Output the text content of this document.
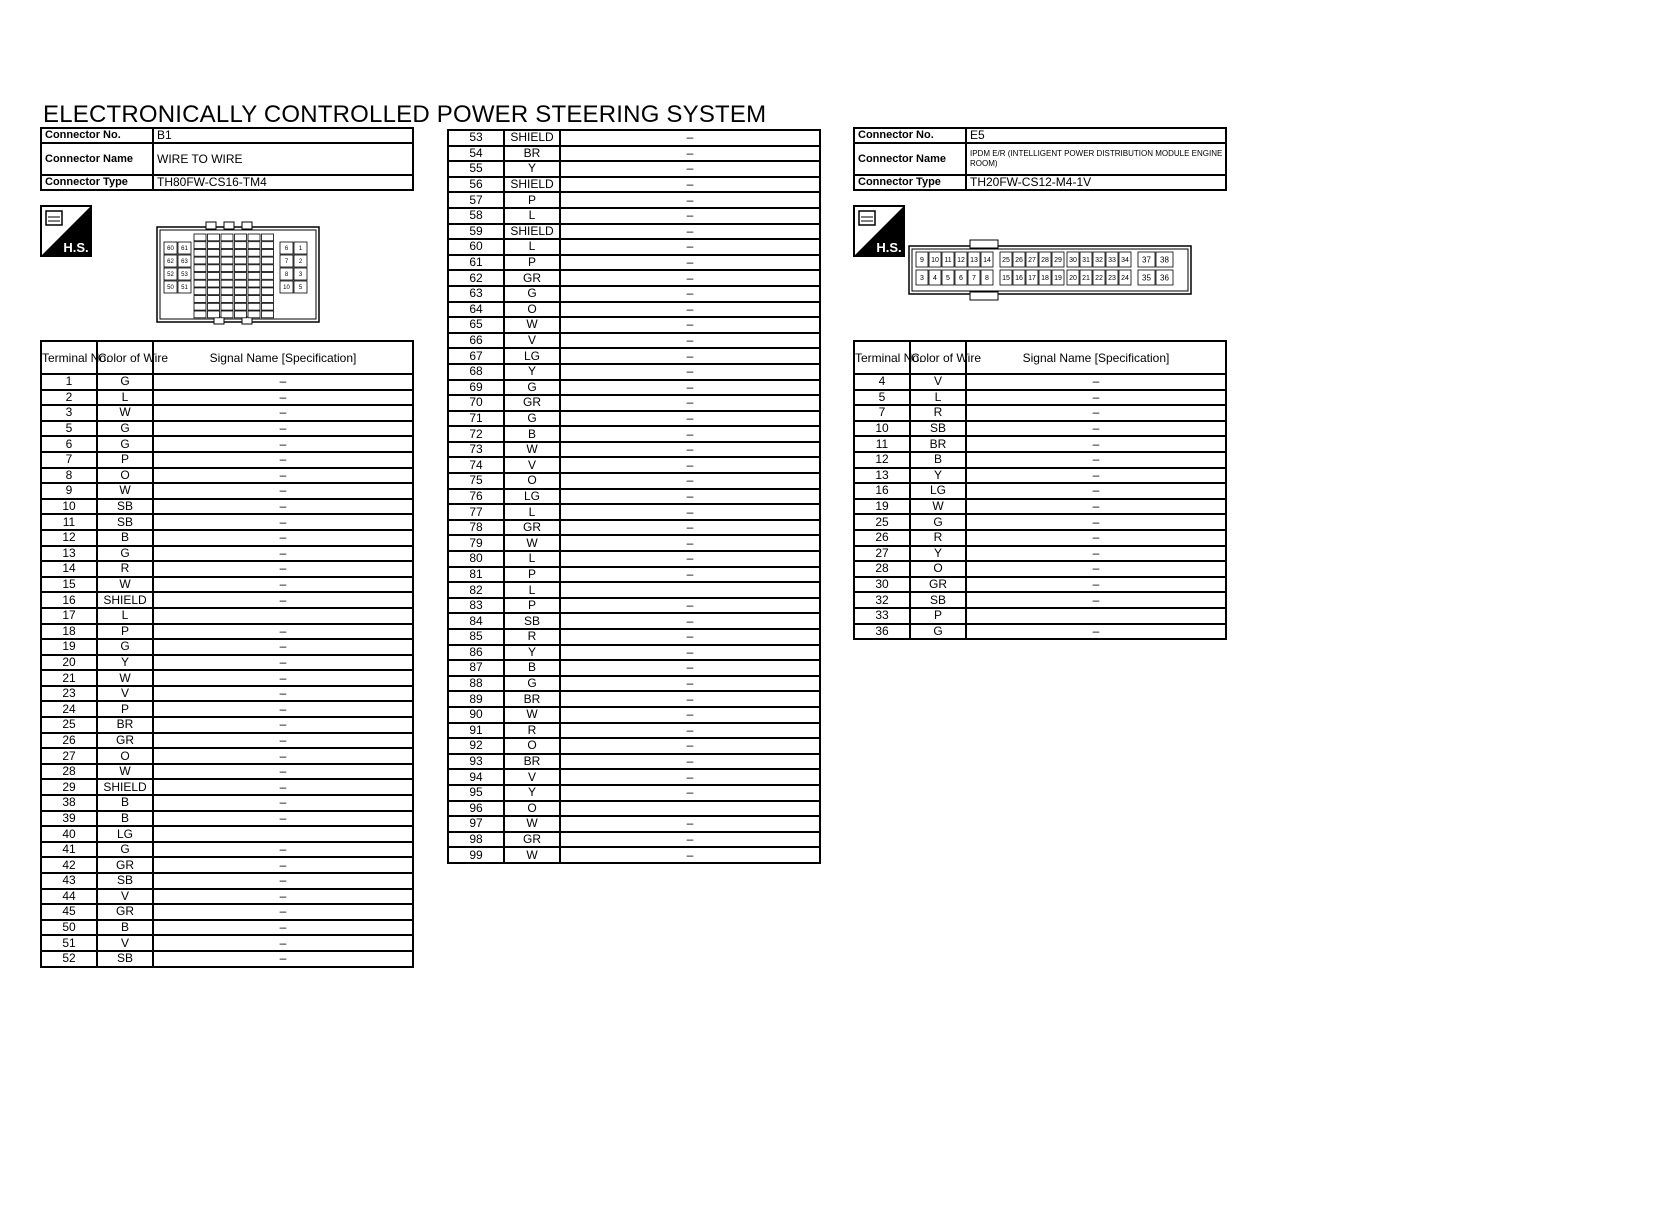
ELECTRONICALLY CONTROLLED POWER STEERING SYSTEM
Connector No.	B1
Connector Name	WIRE TO WIRE
Connector Type	TH80FW-CS16-TM4
H.S.	60 61
62 63
52 53
50 51
6 1
7 2
8 3
10 5
Terminal No.	Color of Wire	Signal Name [Specification]
1	G	–
2	L	–
3	W	–
5	G	–
6	G	–
7	P	–
8	O	–
9	W	–
10	SB	–
11	SB	–
12	B	–
13	G	–
14	R	–
15	W	–
16	SHIELD	–
17	L	
18	P	–
19	G	–
20	Y	–
21	W	–
23	V	–
24	P	–
25	BR	–
26	GR	–
27	O	–
28	W	–
29	SHIELD	–
38	B	–
39	B	–
40	LG	
41	G	–
42	GR	–
43	SB	–
44	V	–
45	GR	–
50	B	–
51	V	–
52	SB	–
53	SHIELD	–
54	BR	–
55	Y	–
56	SHIELD	–
57	P	–
58	L	–
59	SHIELD	–
60	L	–
61	P	–
62	GR	–
63	G	–
64	O	–
65	W	–
66	V	–
67	LG	–
68	Y	–
69	G	–
70	GR	–
71	G	–
72	B	–
73	W	–
74	V	–
75	O	–
76	LG	–
77	L	–
78	GR	–
79	W	–
80	L	–
81	P	–
82	L	
83	P	–
84	SB	–
85	R	–
86	Y	–
87	B	–
88	G	–
89	BR	–
90	W	–
91	R	–
92	O	–
93	BR	–
94	V	–
95	Y	–
96	O	
97	W	–
98	GR	–
99	W	–
Connector No.	E5
Connector Name	IPDM E/R (INTELLIGENT POWER DISTRIBUTION MODULE ENGINE ROOM)
Connector Type	TH20FW-CS12-M4-1V
H.S.
9 10 11 12 13 14 25 26 27 28 29 30 31 32 33 34 37 38
3 4 5 6 7 8 15 16 17 18 19 20 21 22 23 24 35 36
Terminal No.	Color of Wire	Signal Name [Specification]
4	V	–
5	L	–
7	R	–
10	SB	–
11	BR	–
12	B	–
13	Y	–
16	LG	–
19	W	–
25	G	–
26	R	–
27	Y	–
28	O	–
30	GR	–
32	SB	–
33	P	
36	G	–
